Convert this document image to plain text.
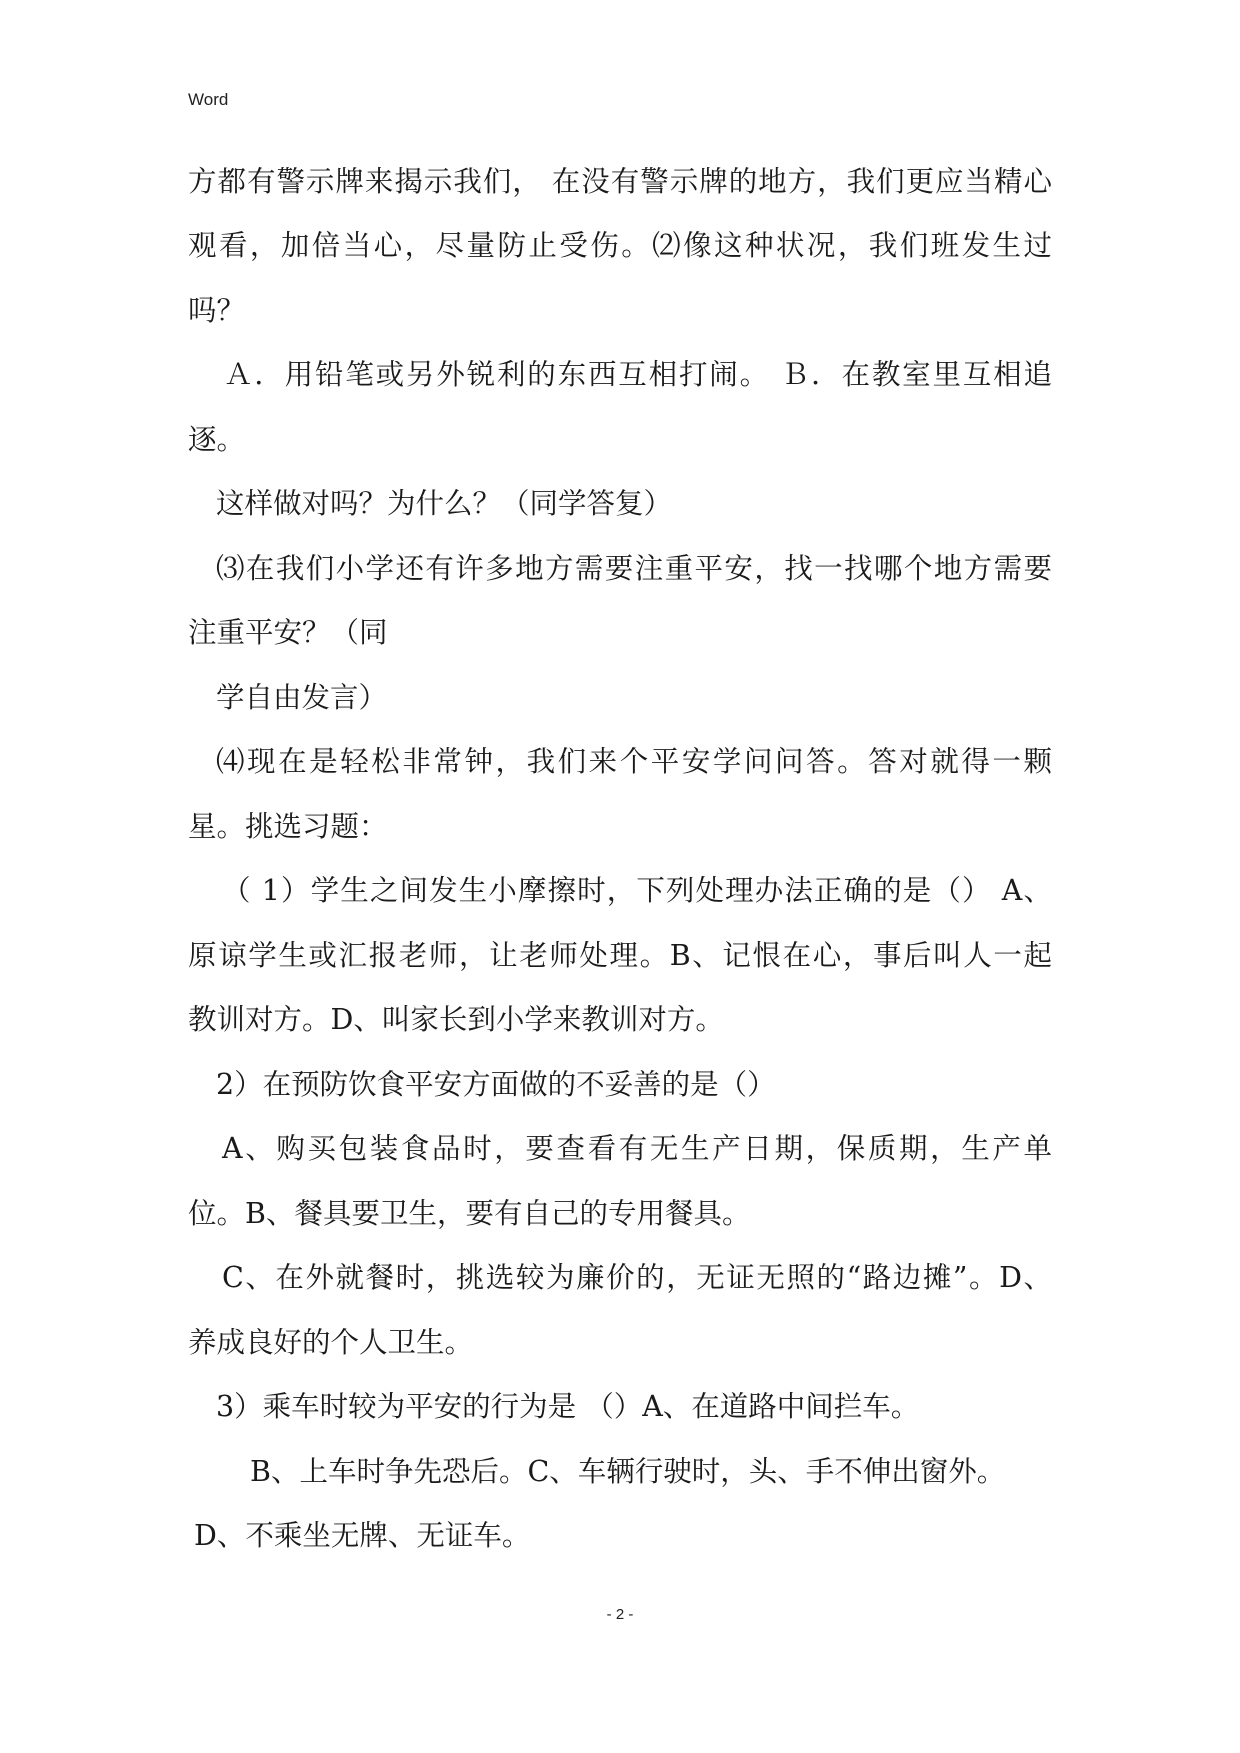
Word
方都有警示牌来揭示我们， 在没有警示牌的地方，我们更应当精心
观看，加倍当心，尽量防止受伤。⑵像这种状况，我们班发生过
吗？
Ａ．用铅笔或另外锐利的东西互相打闹。 Ｂ．在教室里互相追
逐。
这样做对吗？为什么？（同学答复）
⑶在我们小学还有许多地方需要注重平安，找一找哪个地方需要
注重平安？（同
学自由发言）
⑷现在是轻松非常钟，我们来个平安学问问答。答对就得一颗
星。挑选习题：
（ 1）学生之间发生小摩擦时，下列处理办法正确的是（） A、
原谅学生或汇报老师，让老师处理。B、记恨在心，事后叫人一起
教训对方。D、叫家长到小学来教训对方。
2）在预防饮食平安方面做的不妥善的是（）
A、购买包装食品时，要查看有无生产日期，保质期，生产单
位。B、餐具要卫生，要有自己的专用餐具。
C、在外就餐时，挑选较为廉价的，无证无照的“路边摊”。D、
养成良好的个人卫生。
3）乘车时较为平安的行为是 （）A、在道路中间拦车。
B、上车时争先恐后。C、车辆行驶时，头、手不伸出窗外。
D、不乘坐无牌、无证车。
- 2 -
